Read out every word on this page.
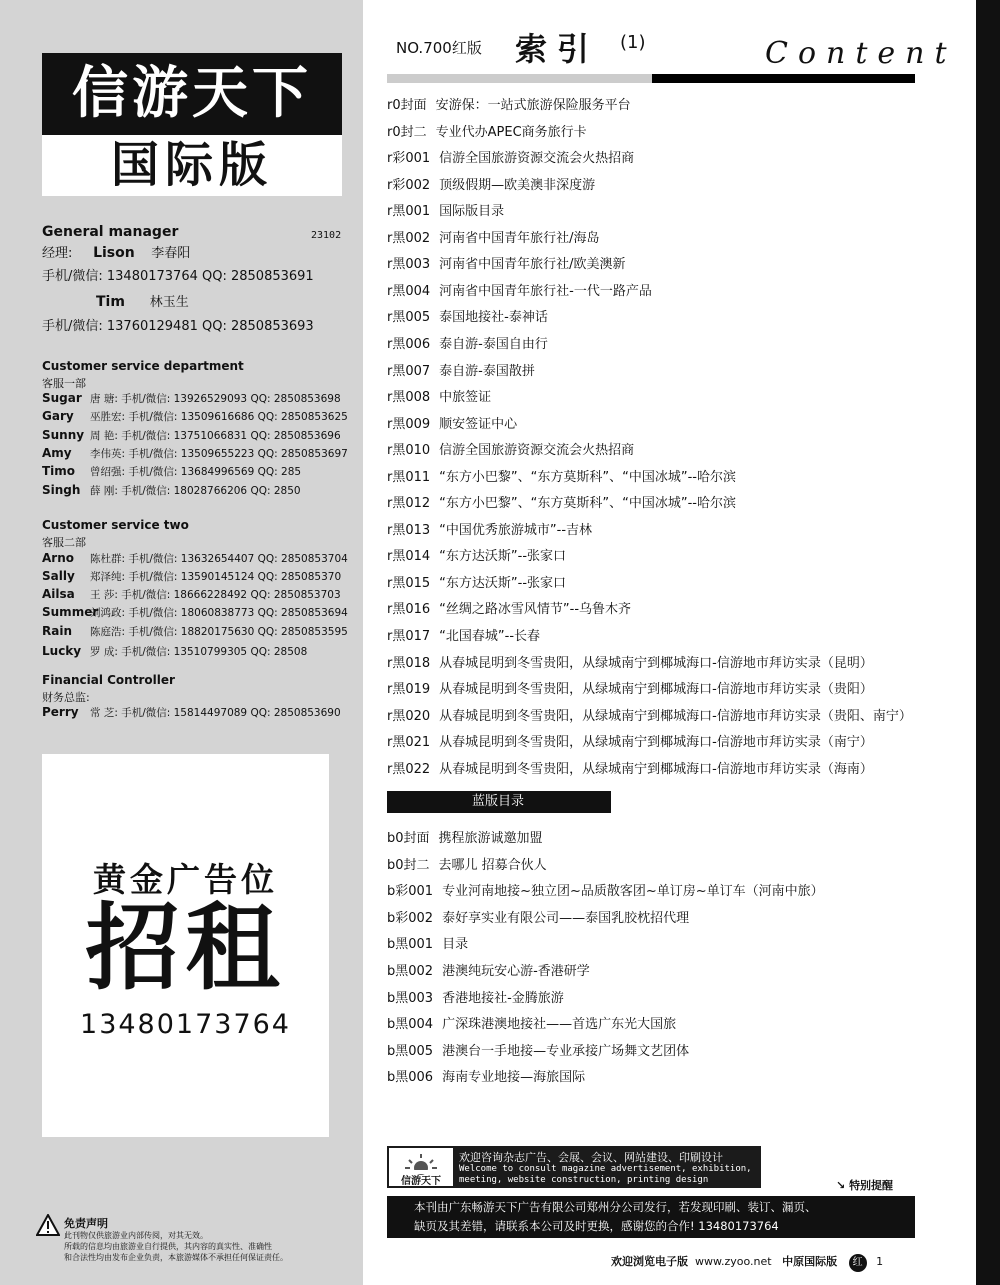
信游天下
国际版
General manager	23102
经理: Lison 李春阳
手机/微信: 13480173764 QQ: 2850853691
Tim 林玉生
手机/微信: 13760129481 QQ: 2850853693
Customer service department
客服一部
Sugar 唐 瑭: 手机/微信: 13926529093 QQ: 2850853698
Gary 巫胜宏: 手机/微信: 13509616686 QQ: 2850853625
Sunny 周 艳: 手机/微信: 13751066831 QQ: 2850853696
Amy 李伟英: 手机/微信: 13509655223 QQ: 2850853697
Timo 曾绍强: 手机/微信: 13684996569 QQ: 285
Singh 薛 刚: 手机/微信: 18028766206 QQ: 2850
Customer service two
客服二部
Arno 陈杜群: 手机/微信: 13632654407 QQ: 2850853704
Sally 郑泽纯: 手机/微信: 13590145124 QQ: 285085370
Ailsa 王 莎: 手机/微信: 18666228492 QQ: 2850853703
Summer刘鸿政: 手机/微信: 18060838773 QQ: 2850853694
Rain 陈庭浩: 手机/微信: 18820175630 QQ: 2850853595
Lucky 罗 成: 手机/微信: 13510799305 QQ: 28508
Financial Controller
财务总监:
Perry 常 芝: 手机/微信: 15814497089 QQ: 2850853690
黄金广告位
招租
13480173764
免责声明
此刊物仅供旅游业内部传阅，对其无效。
所载的信息均由旅游业自行提供，其内容的真实性、准确性
和合法性均由发布企业负责，本旅游媒体不承担任何保证责任。
NO.700红版 索引 (1)	Content
r0封面 安游保：一站式旅游保险服务平台
r0封二 专业代办APEC商务旅行卡
r彩001 信游全国旅游资源交流会火热招商
r彩002 顶级假期—欧美澳非深度游
r黑001 国际版目录
r黑002 河南省中国青年旅行社/海岛
r黑003 河南省中国青年旅行社/欧美澳新
r黑004 河南省中国青年旅行社-一代一路产品
r黑005 泰国地接社-泰神话
r黑006 泰自游-泰国自由行
r黑007 泰自游-泰国散拼
r黑008 中旅签证
r黑009 顺安签证中心
r黑010 信游全国旅游资源交流会火热招商
r黑011 “东方小巴黎”、“东方莫斯科”、“中国冰城”--哈尔滨
r黑012 “东方小巴黎”、“东方莫斯科”、“中国冰城”--哈尔滨
r黑013 “中国优秀旅游城市”--吉林
r黑014 “东方达沃斯”--张家口
r黑015 “东方达沃斯”--张家口
r黑016 “丝绸之路冰雪风情节”--乌鲁木齐
r黑017 “北国春城”--长春
r黑018 从春城昆明到冬雪贵阳，从绿城南宁到椰城海口-信游地市拜访实录（昆明）
r黑019 从春城昆明到冬雪贵阳，从绿城南宁到椰城海口-信游地市拜访实录（贵阳）
r黑020 从春城昆明到冬雪贵阳，从绿城南宁到椰城海口-信游地市拜访实录（贵阳、南宁）
r黑021 从春城昆明到冬雪贵阳，从绿城南宁到椰城海口-信游地市拜访实录（南宁）
r黑022 从春城昆明到冬雪贵阳，从绿城南宁到椰城海口-信游地市拜访实录（海南）
蓝版目录
b0封面 携程旅游诚邀加盟
b0封二 去哪儿 招募合伙人
b彩001 专业河南地接~独立团~品质散客团~单订房~单订车（河南中旅）
b彩002 泰好享实业有限公司——泰国乳胶枕招代理
b黑001 目录
b黑002 港澳纯玩安心游-香港研学
b黑003 香港地接社-金腾旅游
b黑004 广深珠港澳地接社——首选广东光大国旅
b黑005 港澳台一手地接—专业承接广场舞文艺团体
b黑006 海南专业地接—海旅国际
信游天下
欢迎咨询杂志广告、会展、会议、网站建设、印刷设计
Welcome to consult magazine advertisement, exhibition,
meeting, website construction, printing design	↘ 特别提醒
本刊由广东畅游天下广告有限公司郑州分公司发行，若发现印刷、装订、漏页、
缺页及其差错，请联系本公司及时更换，感谢您的合作! 13480173764
欢迎浏览电子版 www.zyoo.net 中原国际版 红 1
